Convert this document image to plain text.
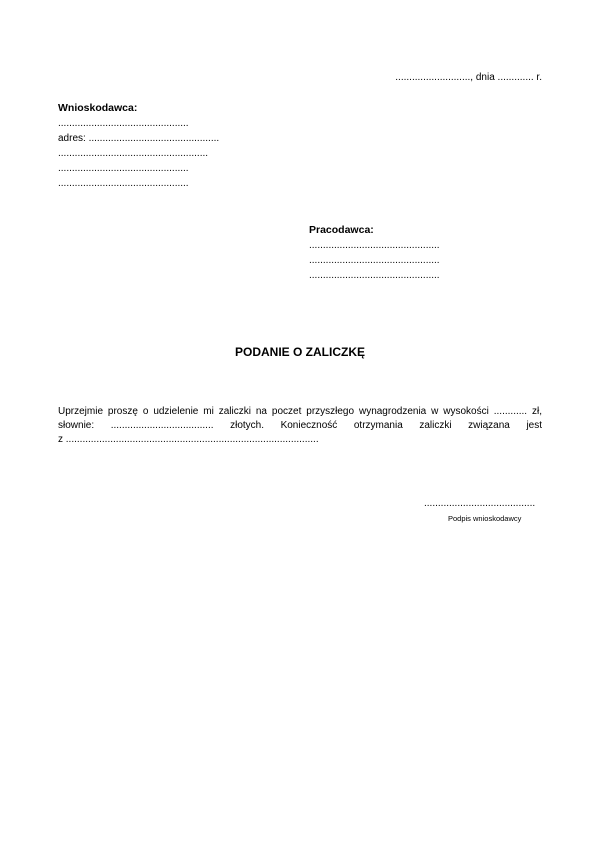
..........................., dnia ............. r.
Wnioskodawca:
...............................................
adres: ...............................................
......................................................
...............................................
...............................................
Pracodawca:
...............................................
...............................................
...............................................
PODANIE O ZALICZKĘ
Uprzejmie proszę o udzielenie mi zaliczki na poczet przyszłego wynagrodzenia w wysokości ............ zł,
słownie: ..................................... złotych. Konieczność otrzymania zaliczki związana jest
z ...........................................................................................
........................................
Podpis wnioskodawcy
